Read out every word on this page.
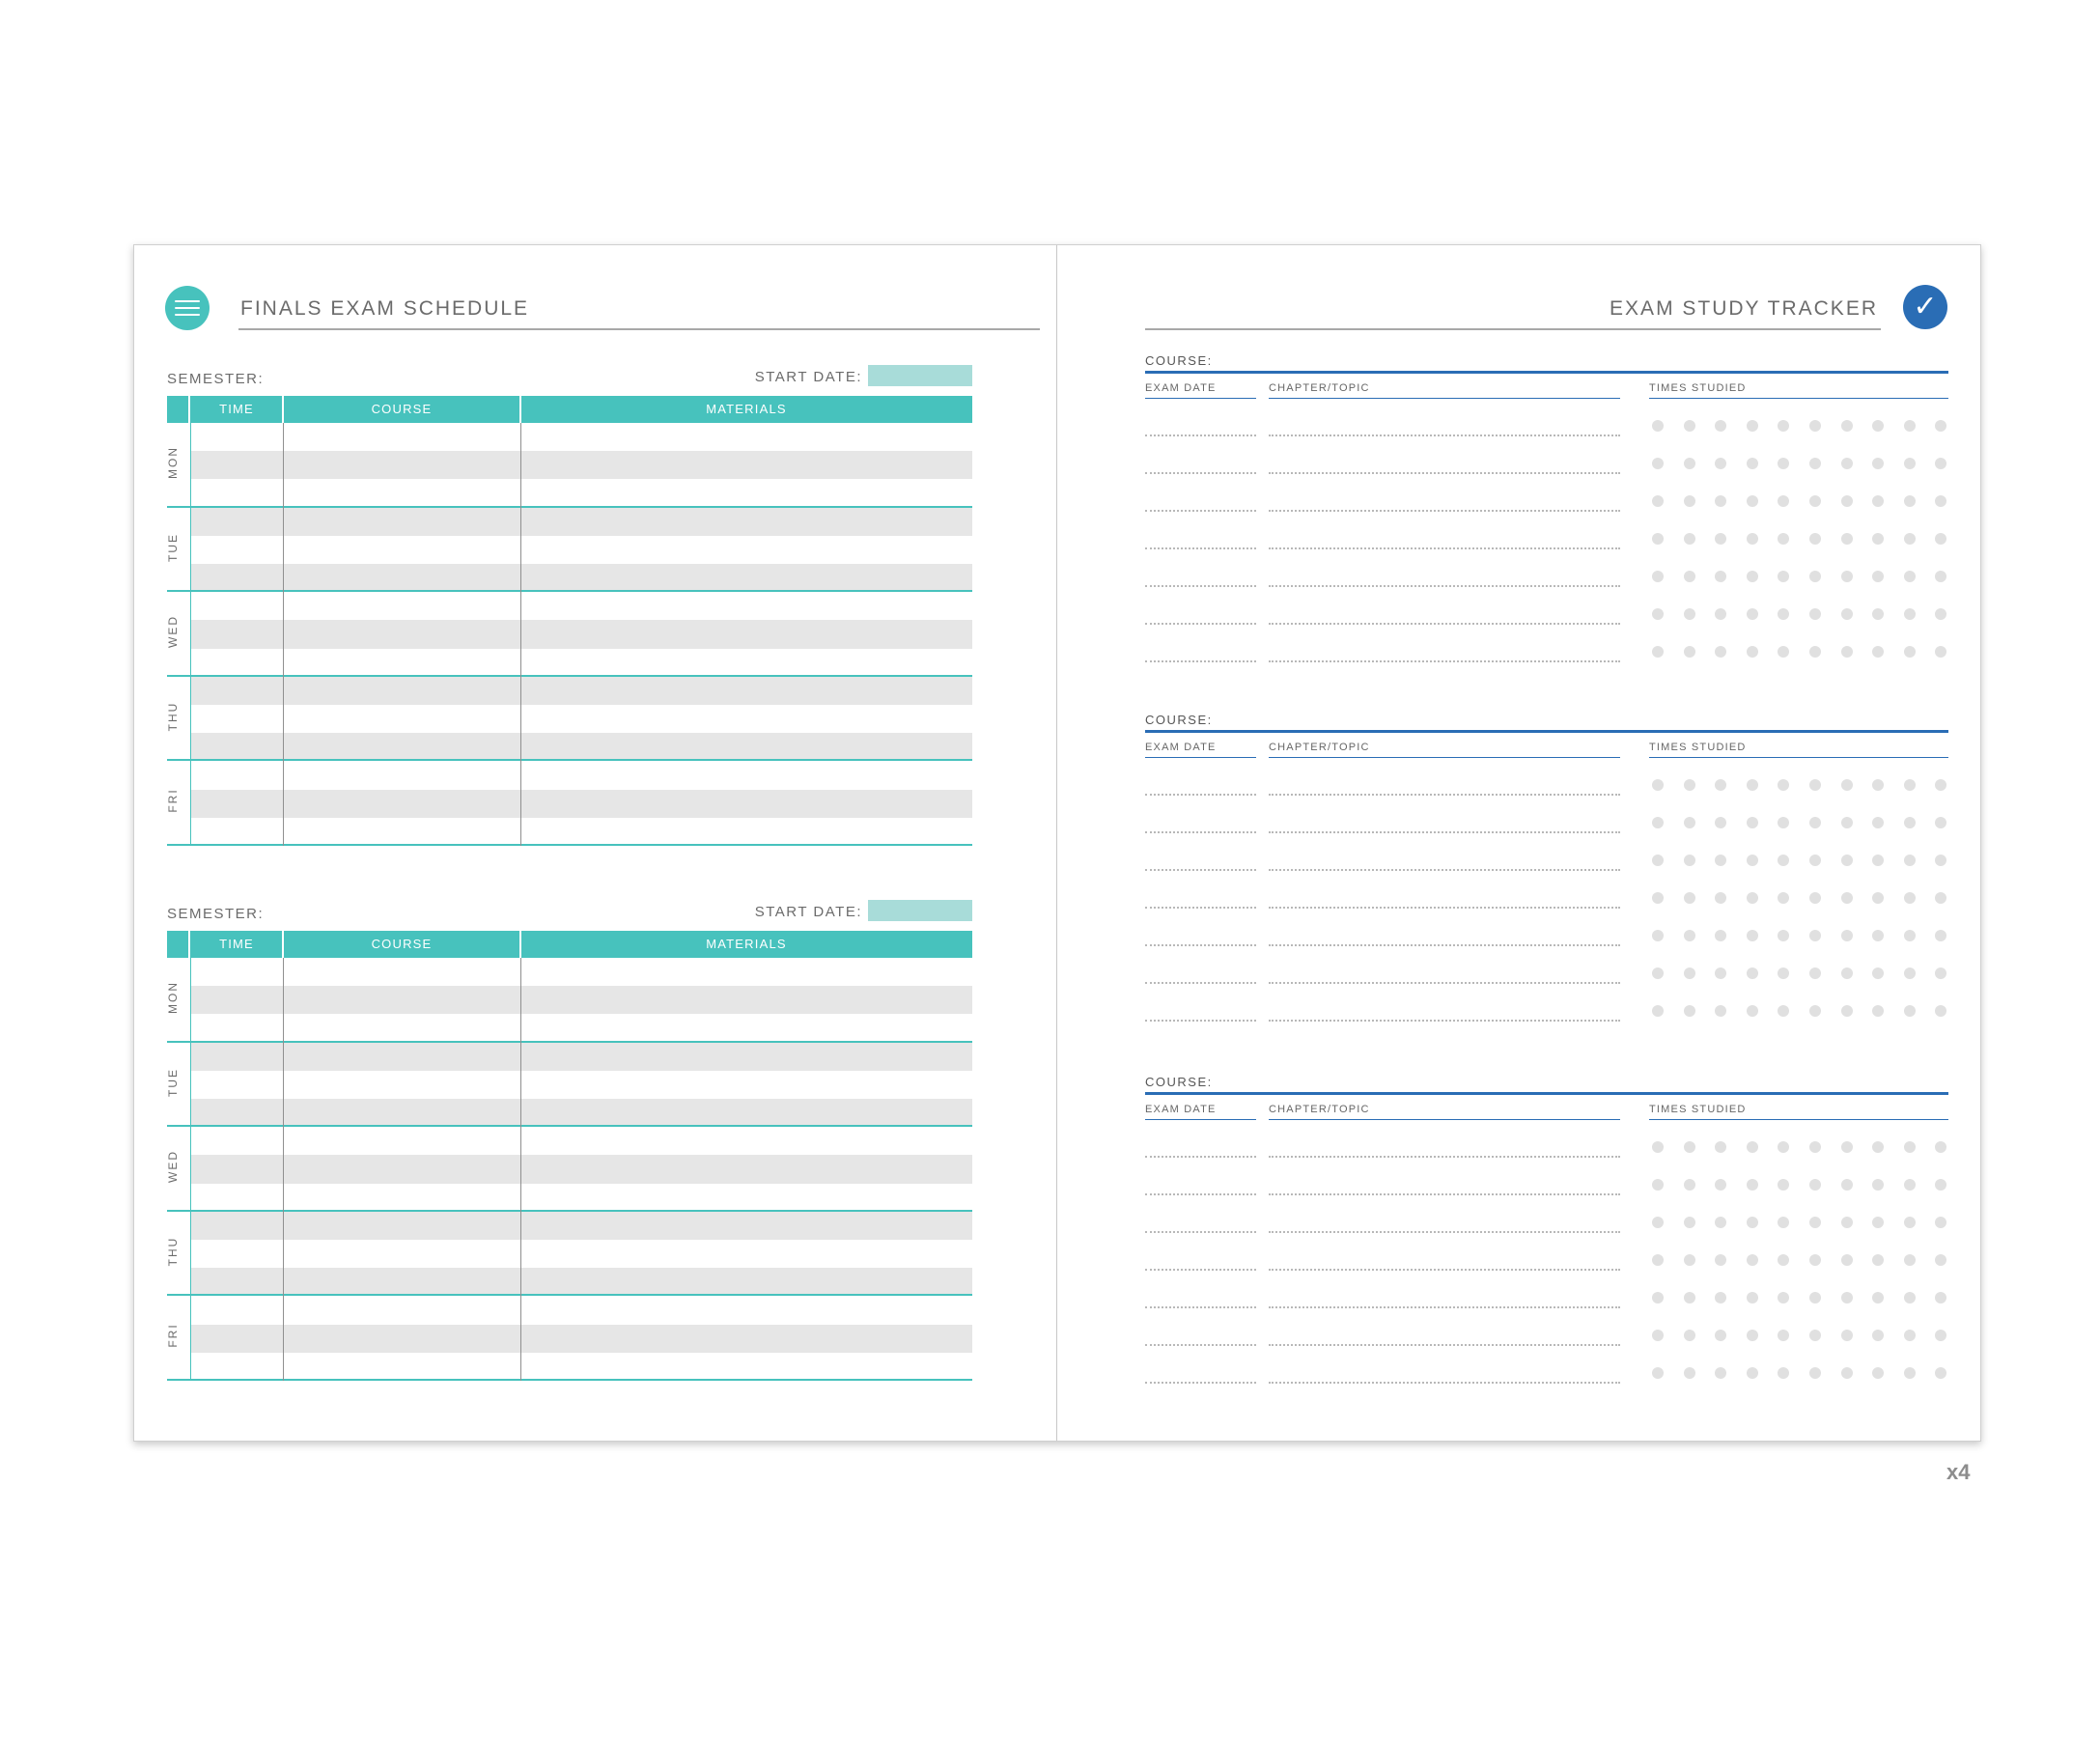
FINALS EXAM SCHEDULE
SEMESTER:	START DATE:
TIME	COURSE	MATERIALS
MON
TUE
WED
THU
FRI
SEMESTER:	START DATE:
TIME	COURSE	MATERIALS
MON
TUE
WED
THU
FRI
EXAM STUDY TRACKER	✓
COURSE:
EXAM DATE	CHAPTER/TOPIC	TIMES STUDIED
COURSE:
EXAM DATE	CHAPTER/TOPIC	TIMES STUDIED
COURSE:
EXAM DATE	CHAPTER/TOPIC	TIMES STUDIED
x4
